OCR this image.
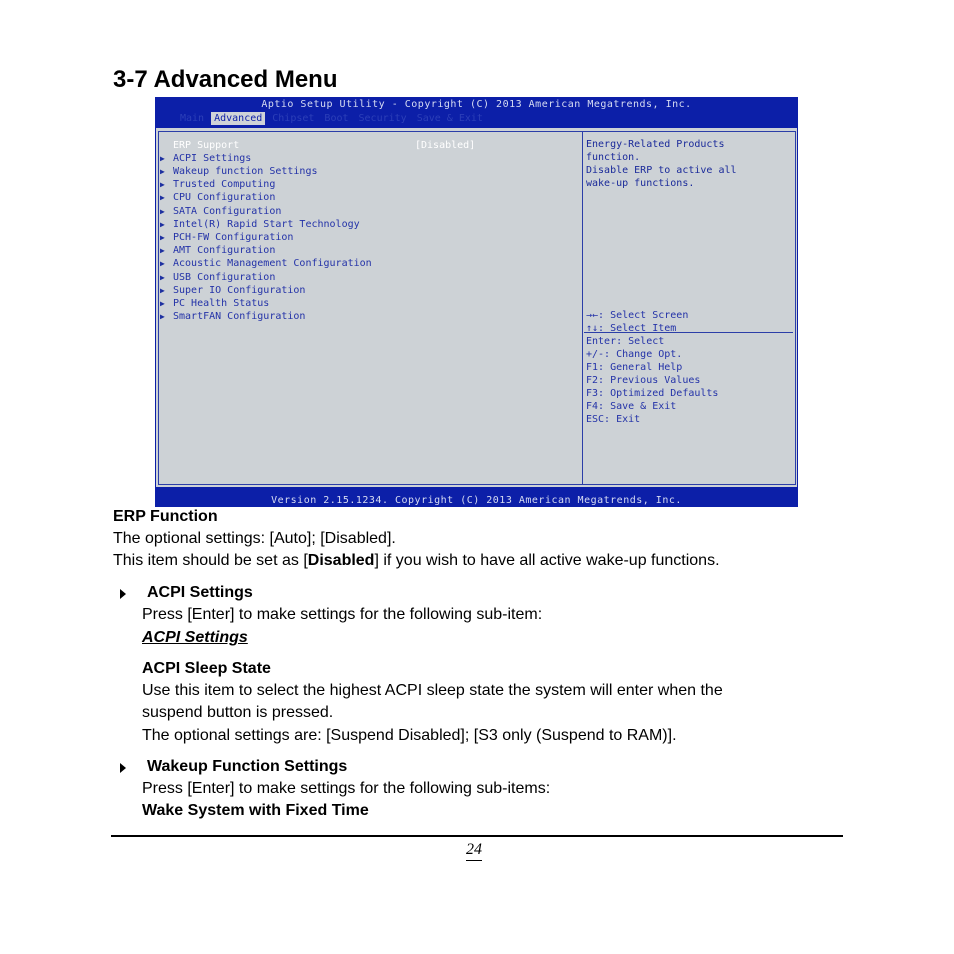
3-7 Advanced Menu
Aptio Setup Utility - Copyright (C) 2013 American Megatrends, Inc.
Main	Advanced	Chipset	Boot	Security	Save & Exit
ERP Support	[Disabled]
▶ ACPI Settings
▶ Wakeup function Settings
▶ Trusted Computing
▶ CPU Configuration
▶ SATA Configuration
▶ Intel(R) Rapid Start Technology
▶ PCH-FW Configuration
▶ AMT Configuration
▶ Acoustic Management Configuration
▶ USB Configuration
▶ Super IO Configuration
▶ PC Health Status
▶ SmartFAN Configuration
Energy-Related Products
function.
Disable ERP to active all
wake-up functions.
→←: Select Screen
↑↓: Select Item
Enter: Select
+/-: Change Opt.
F1: General Help
F2: Previous Values
F3: Optimized Defaults
F4: Save & Exit
ESC: Exit
Version 2.15.1234. Copyright (C) 2013 American Megatrends, Inc.

ERP Function

The optional settings: [Auto]; [Disabled].

This item should be set as [Disabled] if you wish to have all active wake-up functions.

ACPI Settings

Press [Enter] to make settings for the following sub-item:

ACPI Settings

ACPI Sleep State

Use this item to select the highest ACPI sleep state the system will enter when the

suspend button is pressed.

The optional settings are: [Suspend Disabled]; [S3 only (Suspend to RAM)].

Wakeup Function Settings

Press [Enter] to make settings for the following sub-items:

Wake System with Fixed Time

24
